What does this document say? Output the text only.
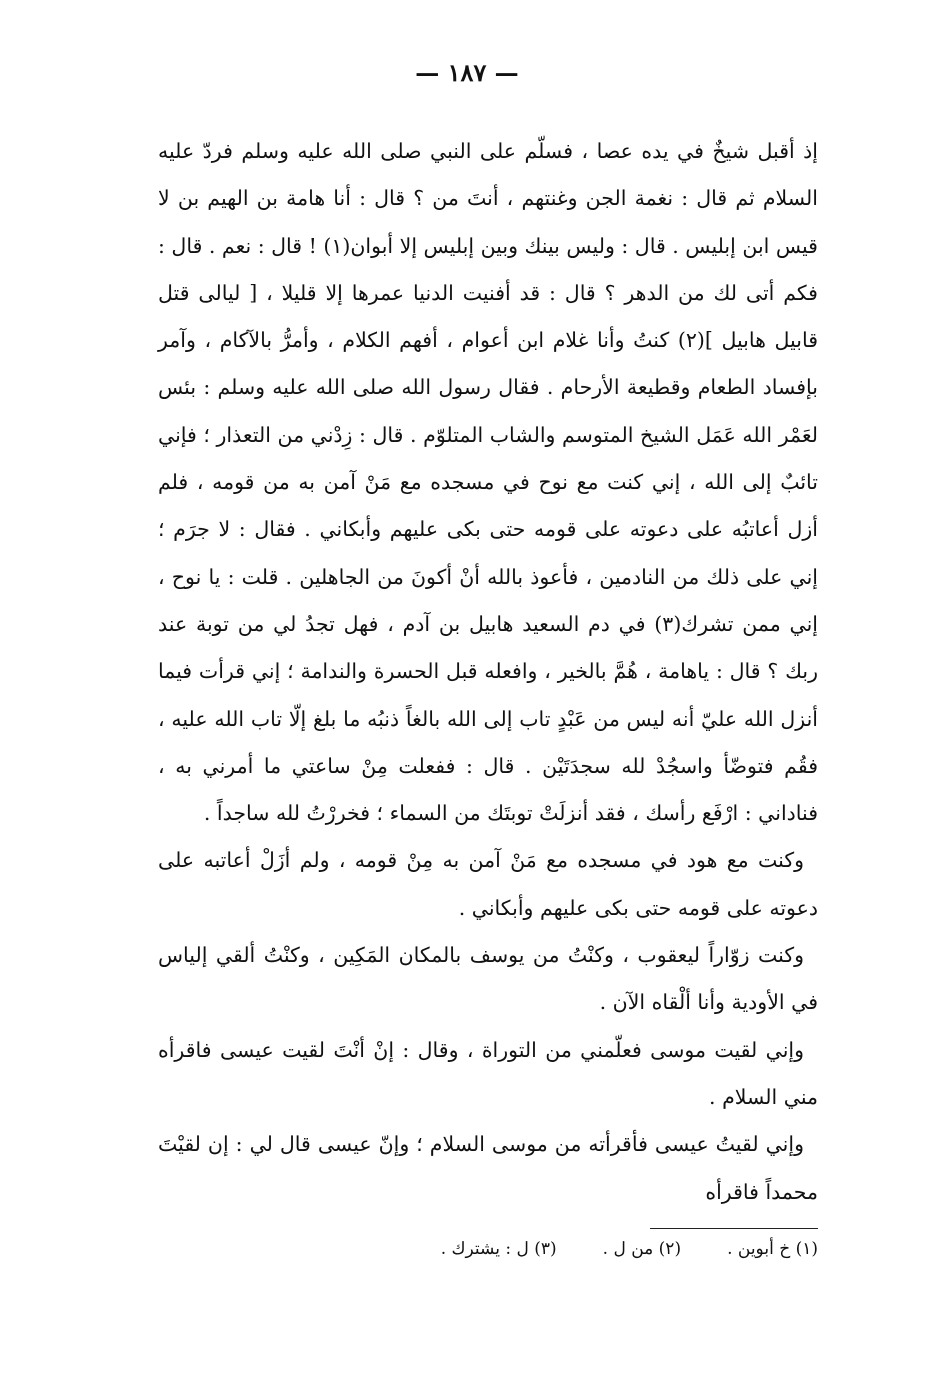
— ١٨٧ —

إذ أقبل شيخٌ في يده عصا ، فسلّم على النبي صلى الله عليه وسلم فردّ عليه السلام ثم قال : نغمة الجن وغنتهم ، أنتَ من ؟ قال : أنا هامة بن الهيم بن لا قيس ابن إبليس . قال : وليس بينك وبين إبليس إلا أبوان(١) ! قال : نعم . قال : فكم أتى لك من الدهر ؟ قال : قد أفنيت الدنيا عمرها إلا قليلا ، [ ليالى قتل قابيل هابيل ](٢) كنتُ وأنا غلام ابن أعوام ، أفهم الكلام ، وأمرُّ بالآكام ، وآمر بإفساد الطعام وقطيعة الأرحام . فقال رسول الله صلى الله عليه وسلم : بئس لعَمْر الله عَمَل الشيخ المتوسم والشاب المتلوّم . قال : زِدْني من التعذار ؛ فإني تائبٌ إلى الله ، إني كنت مع نوح في مسجده مع مَنْ آمن به من قومه ، فلم أزل أعاتبُه على دعوته على قومه حتى بكى عليهم وأبكاني . فقال : لا جرَم ؛ إني على ذلك من النادمين ، فأعوذ بالله أنْ أكونَ من الجاهلين . قلت : يا نوح ، إني ممن تشرك(٣) في دم السعيد هابيل بن آدم ، فهل تجدُ لي من توبة عند ربك ؟ قال : ياهامة ، هُمَّ بالخير ، وافعله قبل الحسرة والندامة ؛ إني قرأت فيما أنزل الله عليّ أنه ليس من عَبْدٍ تاب إلى الله بالغاً ذنبُه ما بلغ إلّا تاب الله عليه ، فقُم فتوضّأ واسجُدْ لله سجدَتَيْن . قال : ففعلت مِنْ ساعتي ما أمرني به ، فناداني : ارْفَع رأسك ، فقد أنزلَتْ توبتَك من السماء ؛ فخررْتُ لله ساجداً .

وكنت مع هود في مسجده مع مَنْ آمن به مِنْ قومه ، ولم أزَلْ أعاتبه على دعوته على قومه حتى بكى عليهم وأبكاني .

وكنت زوّاراً ليعقوب ، وكنْتُ من يوسف بالمكان المَكِين ، وكنْتُ ألقي إلياس في الأودية وأنا ألْقاه الآن .

وإني لقيت موسى فعلّمني من التوراة ، وقال : إنْ أنْتَ لقيت عيسى فاقرأه مني السلام .

وإني لقيتُ عيسى فأقرأته من موسى السلام ؛ وإنّ عيسى قال لي : إن لقيْتَ محمداً فاقرأه

(١) خ أبوين .
(٢) من ل .
(٣) ل : يشترك .
